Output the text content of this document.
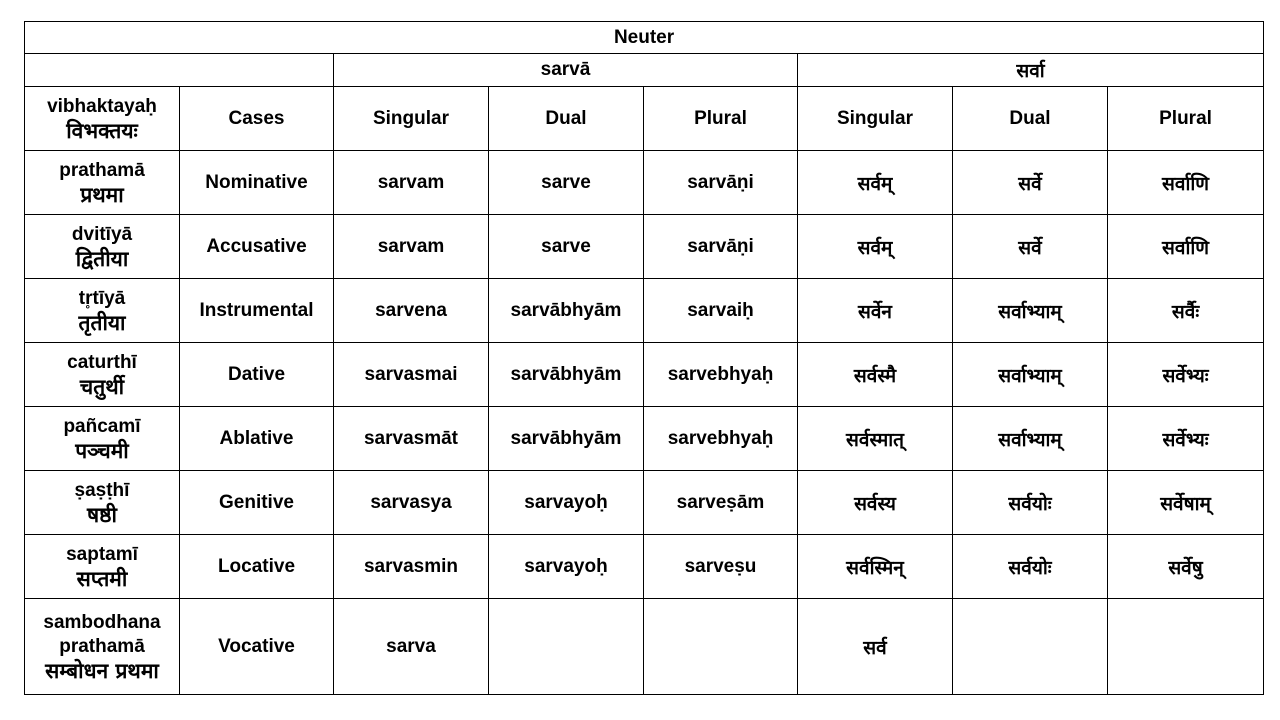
Neuter							
		sarvā			सर्वा		

vibhaktayaḥ
विभक्तयः	Cases	Singular	Dual	Plural	Singular	Dual	Plural

prathamā
प्रथमा	Nominative	sarvam	sarve	sarvāṇi	सर्वम्	सर्वे	सर्वाणि

dvitīyā
द्वितीया	Accusative	sarvam	sarve	sarvāṇi	सर्वम्	सर्वे	सर्वाणि

tr̥tīyā
तृतीया	Instrumental	sarvena	sarvābhyām	sarvaiḥ	सर्वेन	सर्वाभ्याम्	सर्वैः

caturthī
चतुर्थी	Dative	sarvasmai	sarvābhyām	sarvebhyaḥ	सर्वस्मै	सर्वाभ्याम्	सर्वेभ्यः

pañcamī
पञ्चमी	Ablative	sarvasmāt	sarvābhyām	sarvebhyaḥ	सर्वस्मात्	सर्वाभ्याम्	सर्वेभ्यः

ṣaṣṭhī
षष्ठी	Genitive	sarvasya	sarvayoḥ	sarveṣām	सर्वस्य	सर्वयोः	सर्वेषाम्

saptamī
सप्तमी	Locative	sarvasmin	sarvayoḥ	sarveṣu	सर्वस्मिन्	सर्वयोः	सर्वेषु

sambodhana
prathamā
सम्बोधन प्रथमा	Vocative	sarva			सर्व		
